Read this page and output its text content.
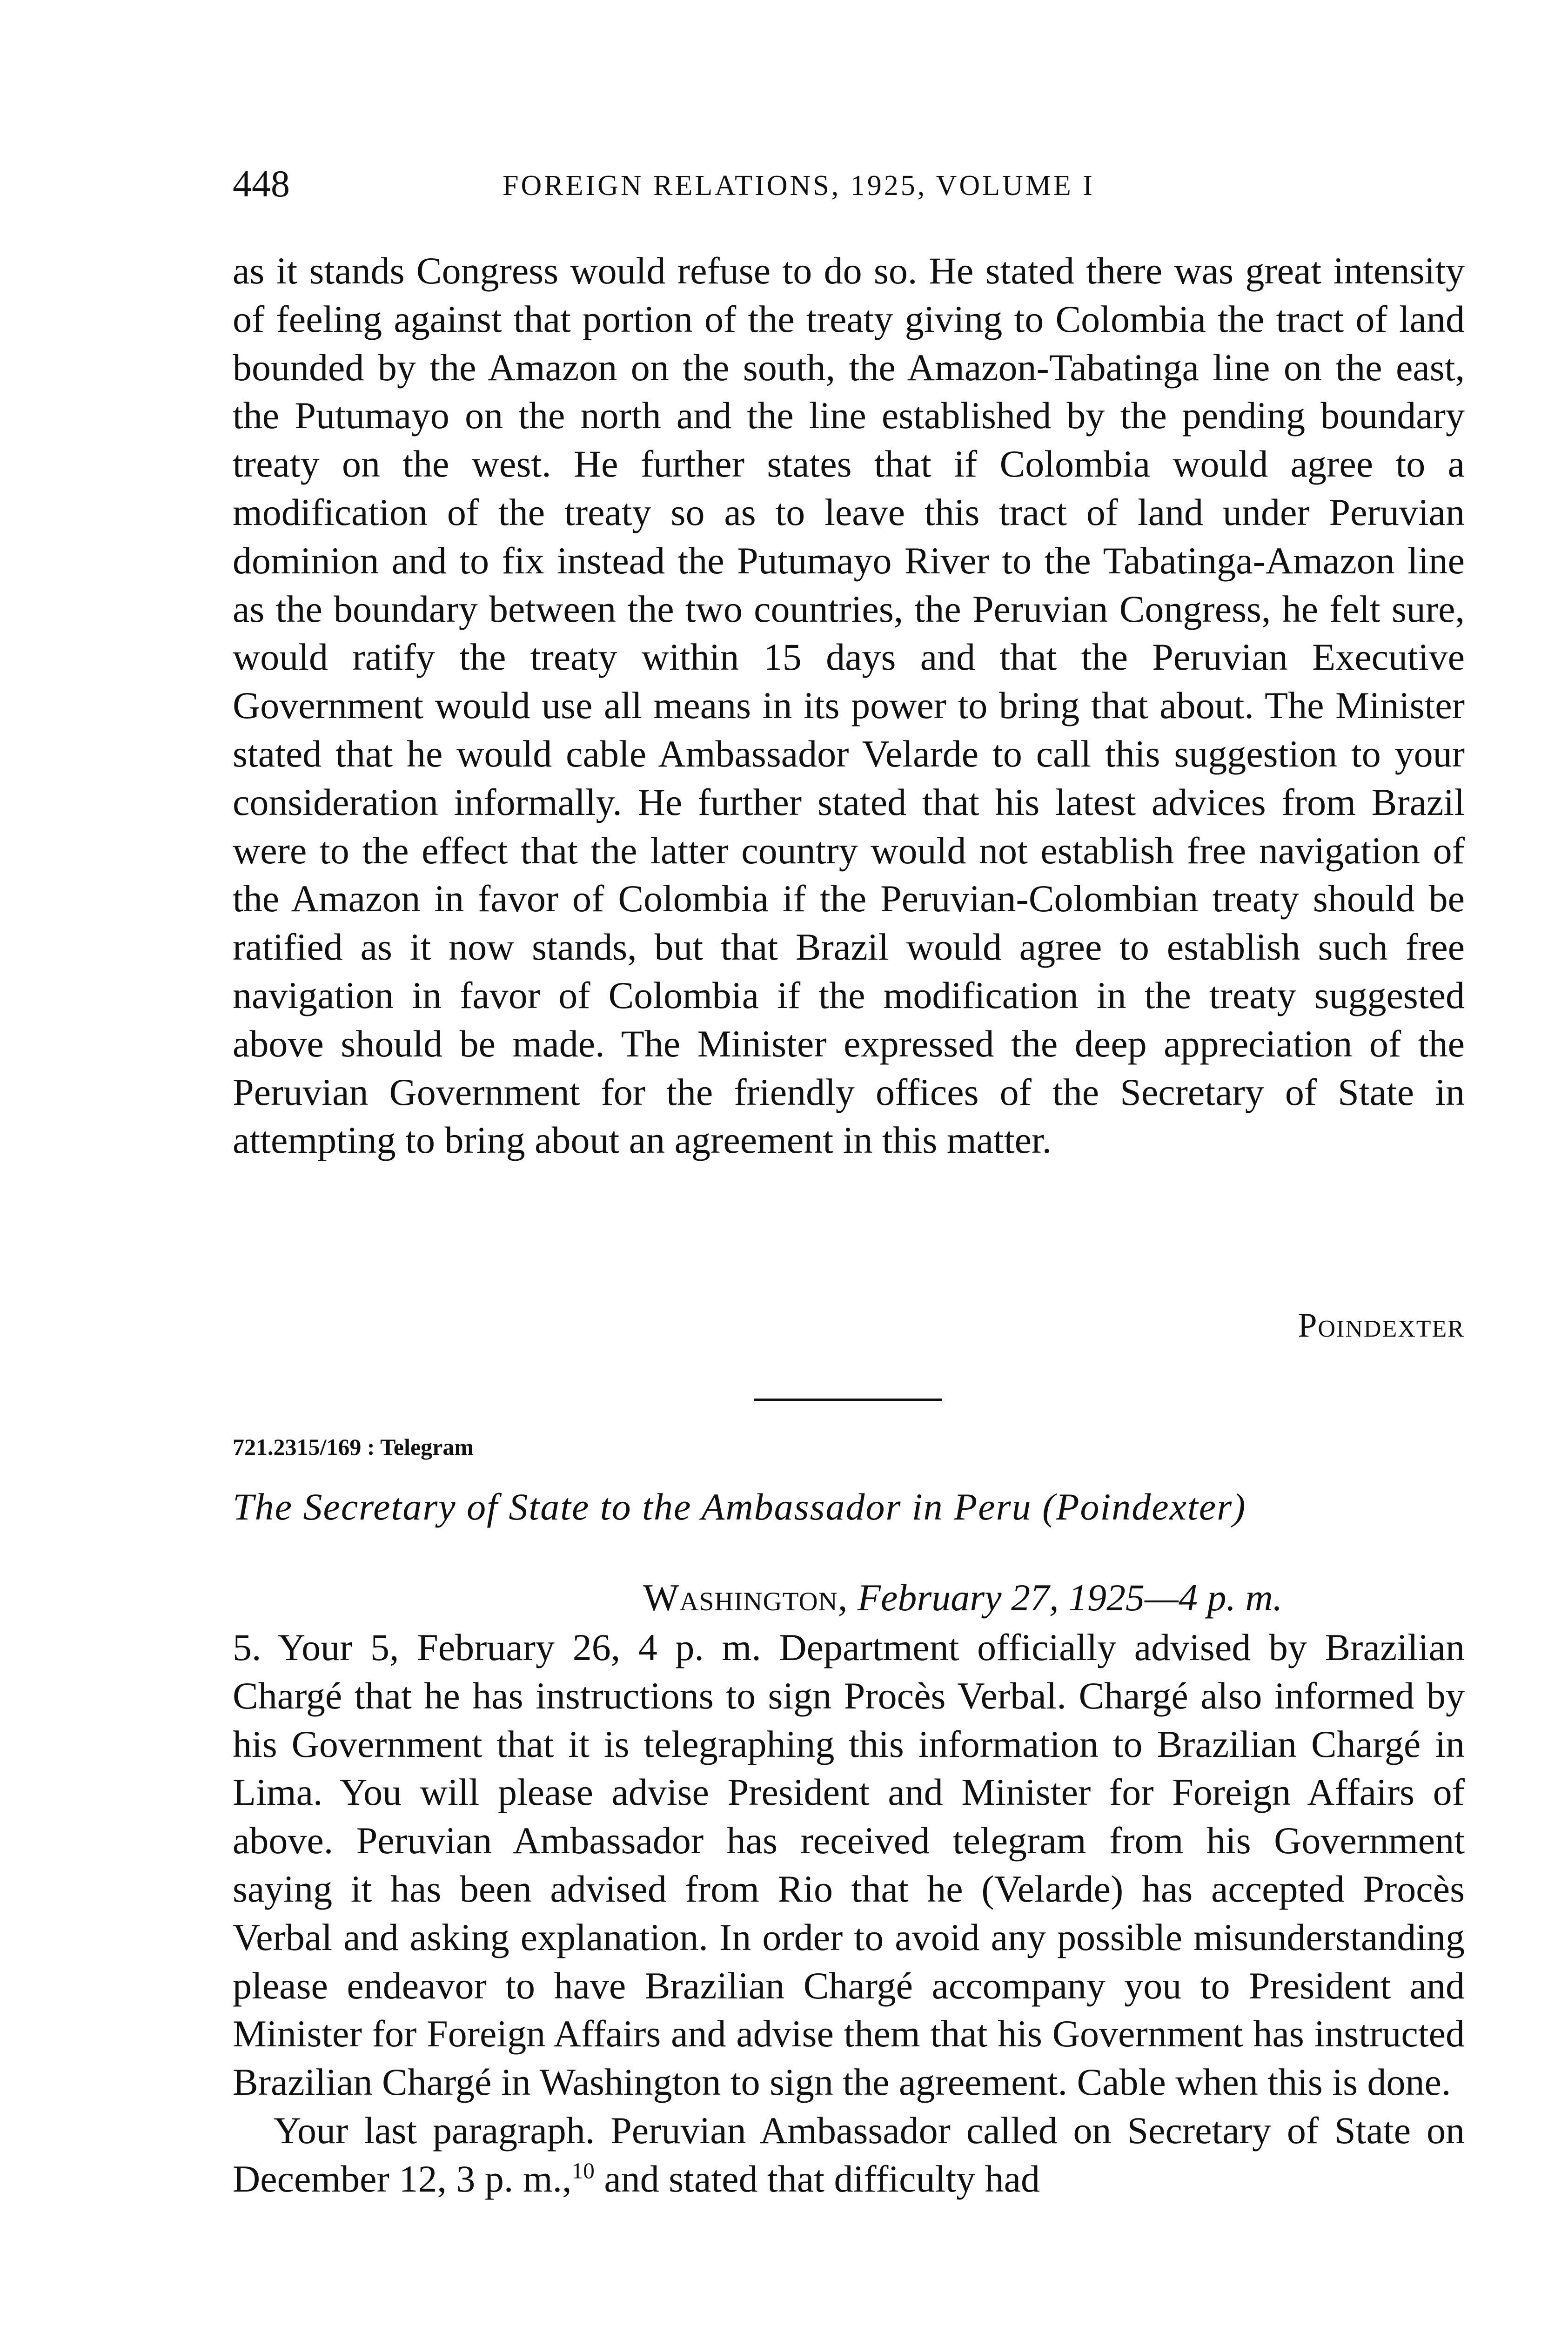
448	FOREIGN RELATIONS, 1925, VOLUME I

as it stands Congress would refuse to do so. He stated there was great intensity of feeling against that portion of the treaty giving to Colombia the tract of land bounded by the Amazon on the south, the Amazon-Tabatinga line on the east, the Putumayo on the north and the line established by the pending boundary treaty on the west. He further states that if Colombia would agree to a modification of the treaty so as to leave this tract of land under Peruvian dominion and to fix instead the Putumayo River to the Tabatinga-Amazon line as the boundary between the two countries, the Peruvian Congress, he felt sure, would ratify the treaty within 15 days and that the Peruvian Executive Government would use all means in its power to bring that about. The Minister stated that he would cable Ambassador Velarde to call this suggestion to your consideration informally. He further stated that his latest advices from Brazil were to the effect that the latter country would not establish free navigation of the Amazon in favor of Colombia if the Peruvian-Colombian treaty should be ratified as it now stands, but that Brazil would agree to establish such free navigation in favor of Colombia if the modification in the treaty suggested above should be made. The Minister expressed the deep appreciation of the Peruvian Government for the friendly offices of the Secretary of State in attempting to bring about an agreement in this matter.

Poindexter
721.2315/169 : Telegram
The Secretary of State to the Ambassador in Peru (Poindexter)
Washington, February 27, 1925—4 p. m.

5. Your 5, February 26, 4 p. m. Department officially advised by Brazilian Chargé that he has instructions to sign Procès Verbal. Chargé also informed by his Government that it is telegraphing this information to Brazilian Chargé in Lima. You will please advise President and Minister for Foreign Affairs of above. Peruvian Ambassador has received telegram from his Government saying it has been advised from Rio that he (Velarde) has accepted Procès Verbal and asking explanation. In order to avoid any possible misunderstanding please endeavor to have Brazilian Chargé accompany you to President and Minister for Foreign Affairs and advise them that his Government has instructed Brazilian Chargé in Washington to sign the agreement. Cable when this is done.

Your last paragraph. Peruvian Ambassador called on Secretary of State on December 12, 3 p. m.,$^{10}$ and stated that difficulty had
